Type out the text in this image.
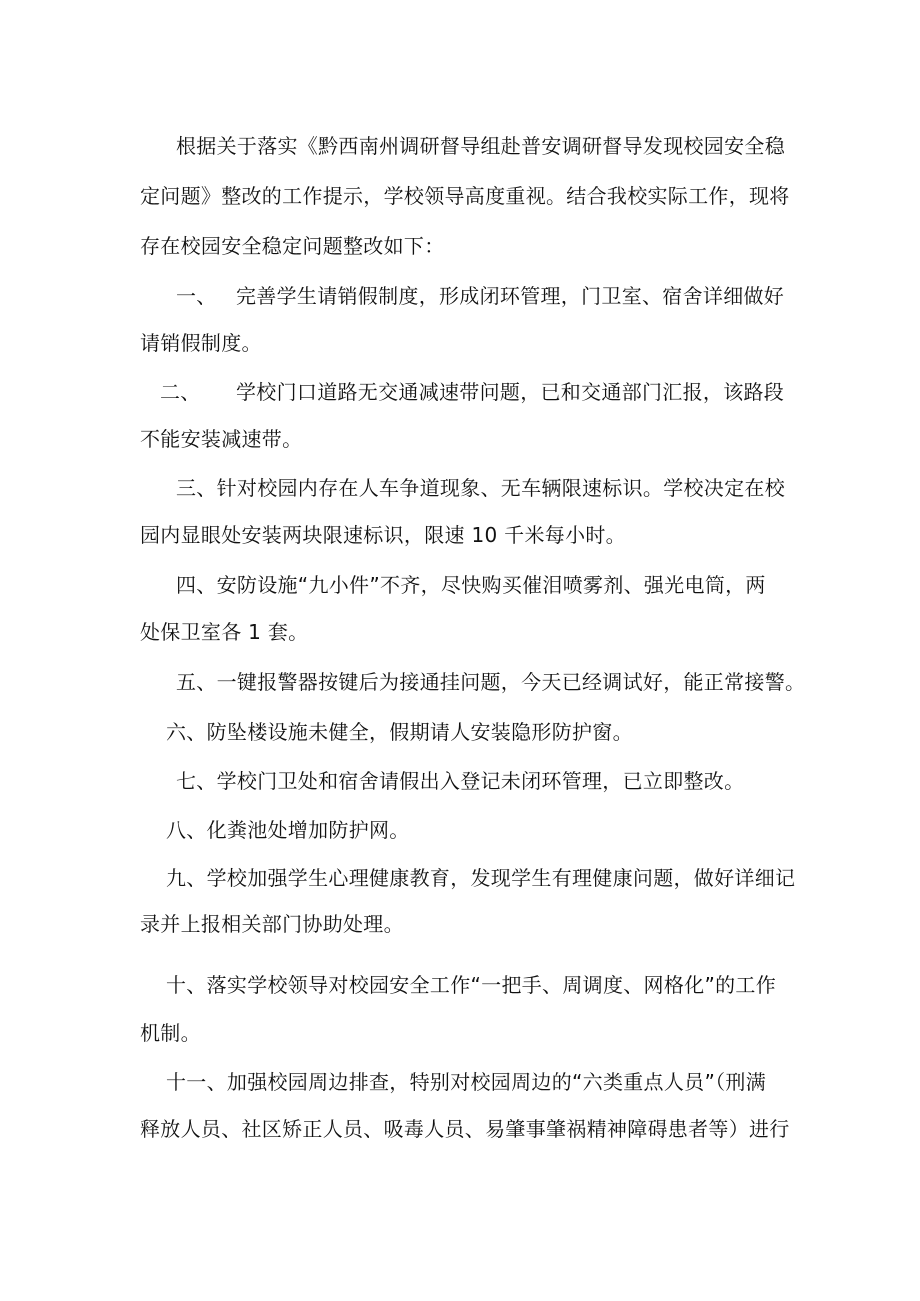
根据关于落实《黔西南州调研督导组赴普安调研督导发现校园安全稳

定问题》整改的工作提示，学校领导高度重视。结合我校实际工作，现将

存在校园安全稳定问题整改如下：

一、 完善学生请销假制度，形成闭环管理，门卫室、宿舍详细做好

请销假制度。

二、 学校门口道路无交通减速带问题，已和交通部门汇报，该路段

不能安装减速带。

三、针对校园内存在人车争道现象、无车辆限速标识。学校决定在校

园内显眼处安装两块限速标识，限速 10 千米每小时。

四、安防设施“九小件”不齐，尽快购买催泪喷雾剂、强光电筒，两

处保卫室各 1 套。

五、一键报警器按键后为接通挂问题，今天已经调试好，能正常接警。

六、防坠楼设施未健全，假期请人安装隐形防护窗。

七、学校门卫处和宿舍请假出入登记未闭环管理，已立即整改。

八、化粪池处增加防护网。

九、学校加强学生心理健康教育，发现学生有理健康问题，做好详细记

录并上报相关部门协助处理。

十、落实学校领导对校园安全工作“一把手、周调度、网格化”的工作

机制。

十一、加强校园周边排查，特别对校园周边的“六类重点人员”（刑满

释放人员、社区矫正人员、吸毒人员、易肇事肇祸精神障碍患者等）进行
